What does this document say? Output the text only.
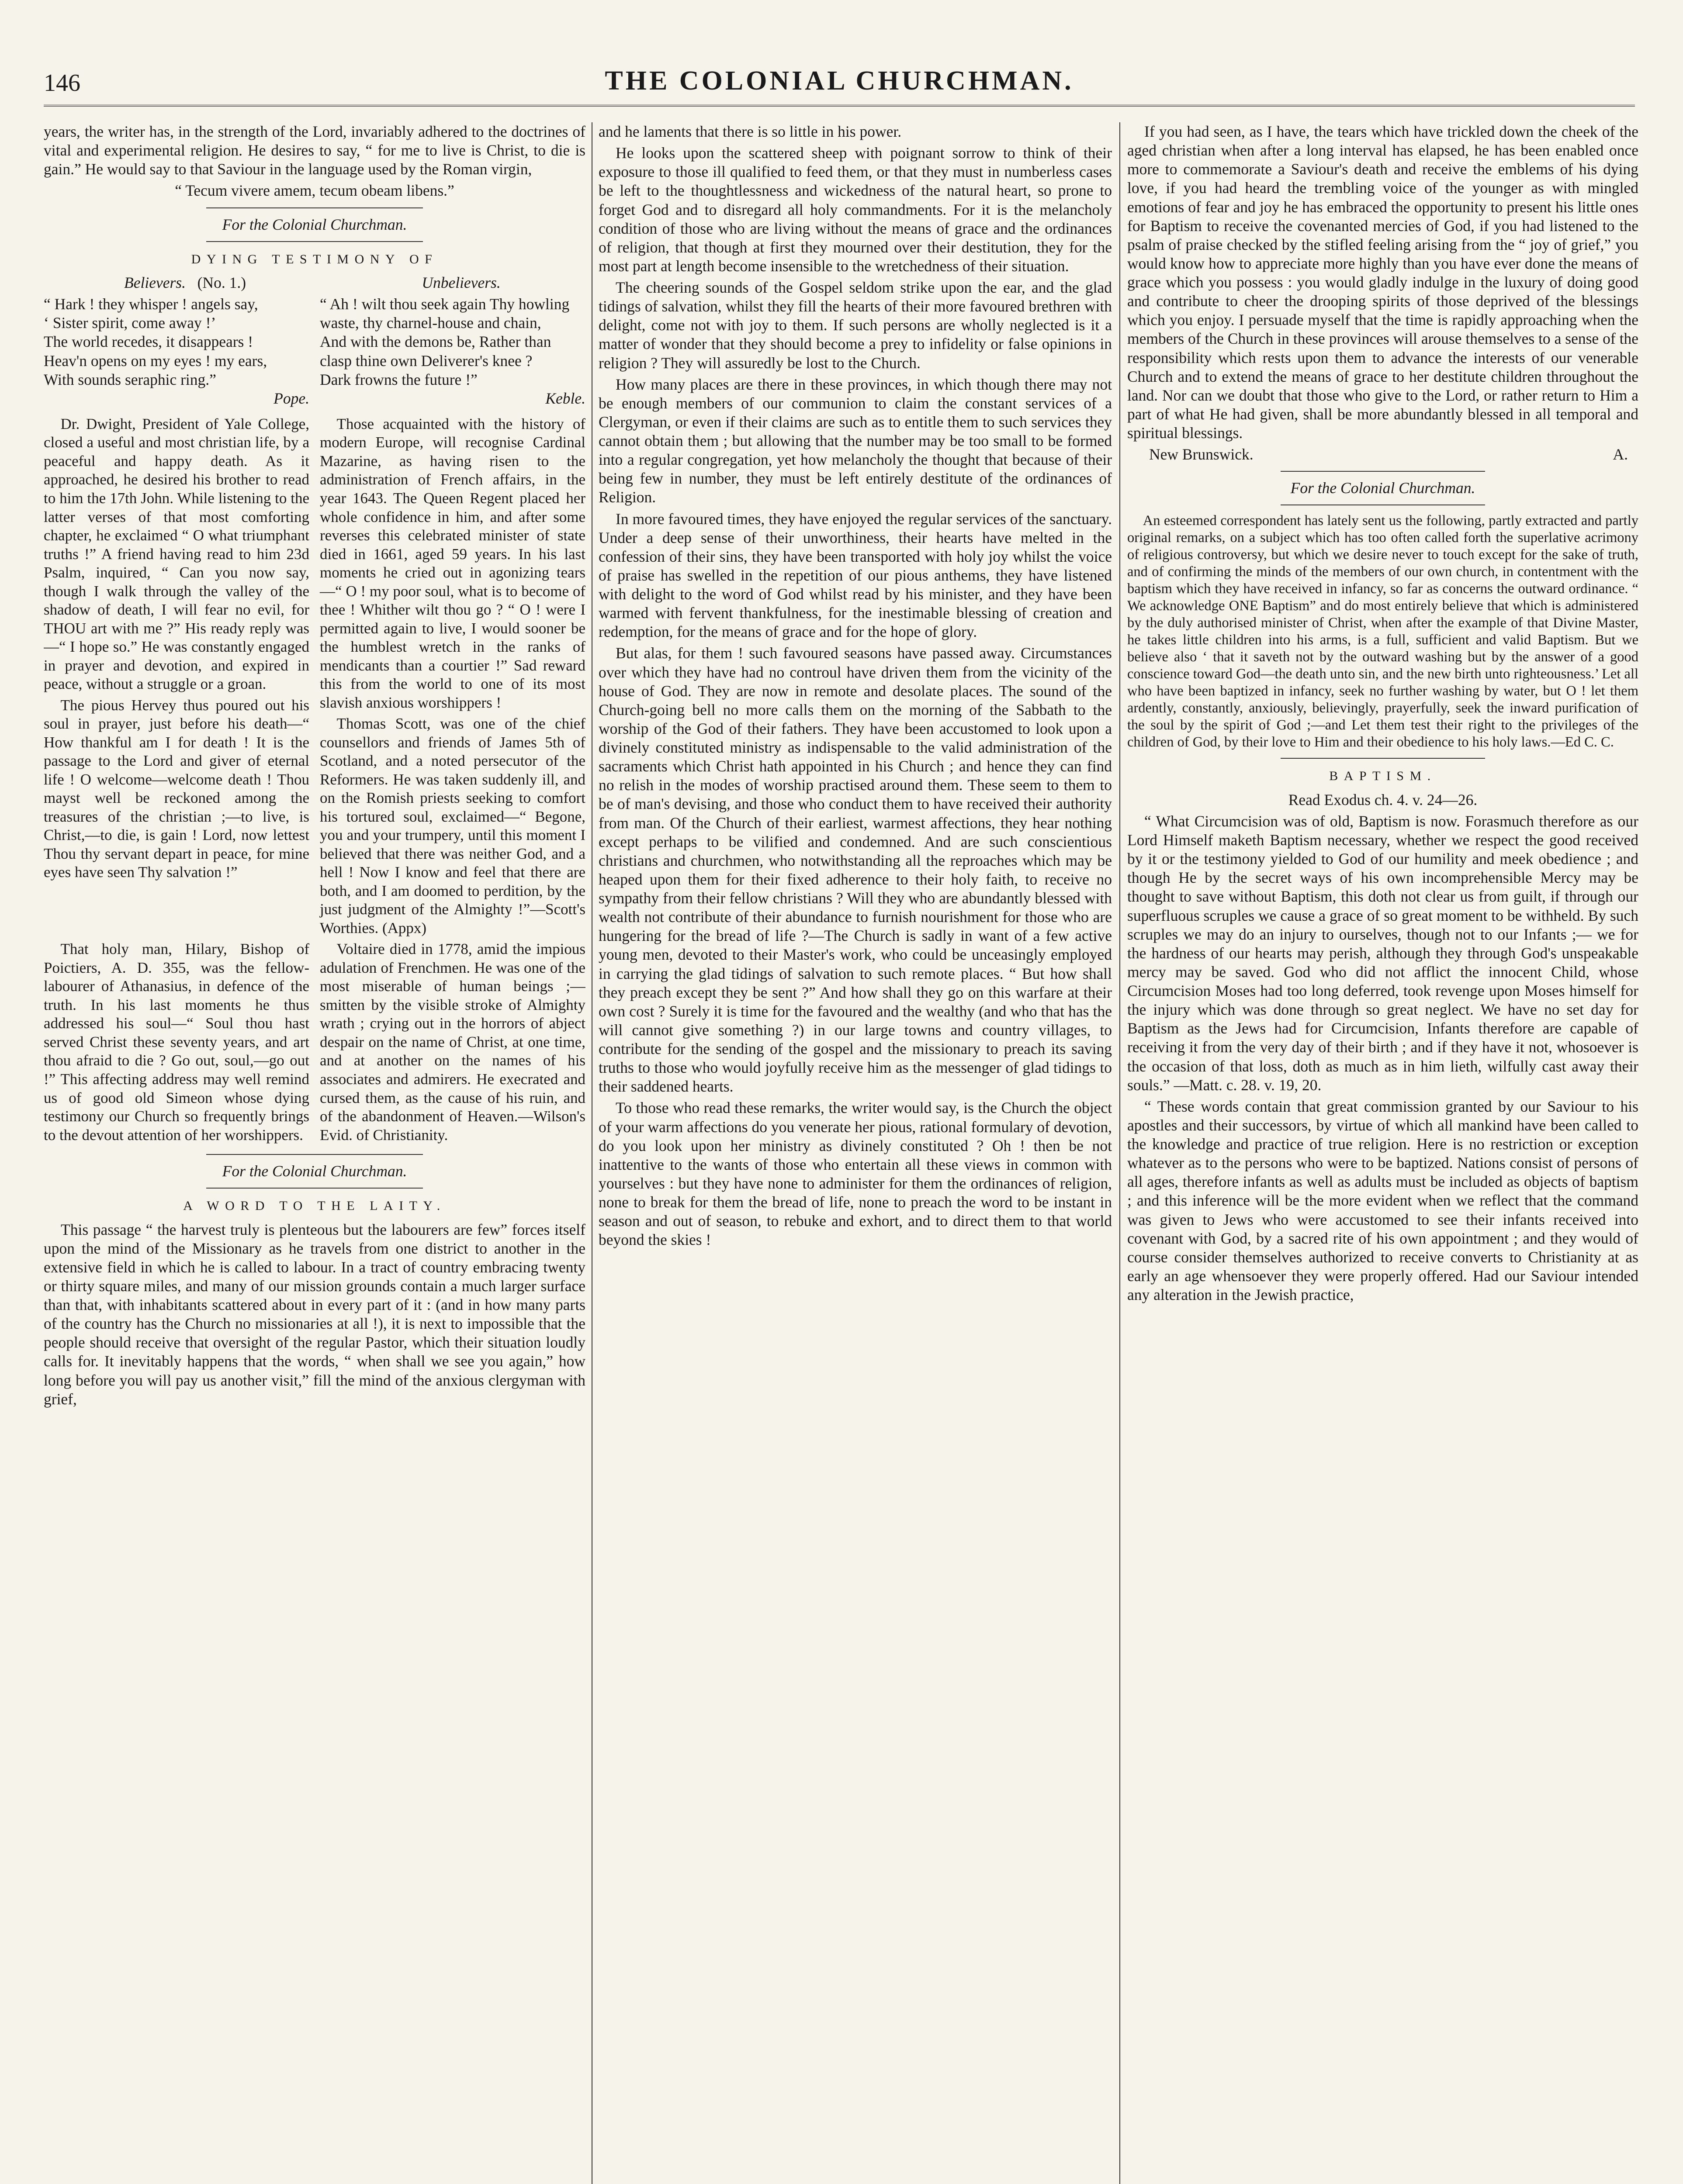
146	THE COLONIAL CHURCHMAN.

years, the writer has, in the strength of the Lord, invariably adhered to the doctrines of vital and experimental religion. He desires to say, “ for me to live is Christ, to die is gain.” He would say to that Saviour in the language used by the Roman virgin,

“ Tecum vivere amem, tecum obeam libens.”

For the Colonial Churchman.

DYING TESTIMONY OF

Believers. (No. 1.)

“ Hark ! they whisper ! angels say,

‘ Sister spirit, come away !’

The world recedes, it disappears !

Heav'n opens on my eyes ! my ears,

With sounds seraphic ring.”

Pope.

Unbelievers.

“ Ah ! wilt thou seek again Thy howling waste, thy charnel-house and chain,

And with the demons be, Rather than clasp thine own Deliverer's knee ?

Dark frowns the future !”

Keble.

Dr. Dwight, President of Yale College, closed a useful and most christian life, by a peaceful and happy death. As it approached, he desired his brother to read to him the 17th John. While listening to the latter verses of that most comforting chapter, he exclaimed “ O what triumphant truths !” A friend having read to him 23d Psalm, inquired, “ Can you now say, though I walk through the valley of the shadow of death, I will fear no evil, for THOU art with me ?” His ready reply was—“ I hope so.” He was constantly engaged in prayer and devotion, and expired in peace, without a struggle or a groan.

The pious Hervey thus poured out his soul in prayer, just before his death—“ How thankful am I for death ! It is the passage to the Lord and giver of eternal life ! O welcome—welcome death ! Thou mayst well be reckoned among the treasures of the christian ;—to live, is Christ,—to die, is gain ! Lord, now lettest Thou thy servant depart in peace, for mine eyes have seen Thy salvation !”

Those acquainted with the history of modern Europe, will recognise Cardinal Mazarine, as having risen to the administration of French affairs, in the year 1643. The Queen Regent placed her whole confidence in him, and after some reverses this celebrated minister of state died in 1661, aged 59 years. In his last moments he cried out in agonizing tears—“ O ! my poor soul, what is to become of thee ! Whither wilt thou go ? “ O ! were I permitted again to live, I would sooner be the humblest wretch in the ranks of mendicants than a courtier !” Sad reward this from the world to one of its most slavish anxious worshippers !

Thomas Scott, was one of the chief counsellors and friends of James 5th of Scotland, and a noted persecutor of the Reformers. He was taken suddenly ill, and on the Romish priests seeking to comfort his tortured soul, exclaimed—“ Begone, you and your trumpery, until this moment I believed that there was neither God, and a hell ! Now I know and feel that there are both, and I am doomed to perdition, by the just judgment of the Almighty !”—Scott's Worthies. (Appx)

That holy man, Hilary, Bishop of Poictiers, A. D. 355, was the fellow-labourer of Athanasius, in defence of the truth. In his last moments he thus addressed his soul—“ Soul thou hast served Christ these seventy years, and art thou afraid to die ? Go out, soul,—go out !” This affecting address may well remind us of good old Simeon whose dying testimony our Church so frequently brings to the devout attention of her worshippers.

Voltaire died in 1778, amid the impious adulation of Frenchmen. He was one of the most miserable of human beings ;—smitten by the visible stroke of Almighty wrath ; crying out in the horrors of abject despair on the name of Christ, at one time, and at another on the names of his associates and admirers. He execrated and cursed them, as the cause of his ruin, and of the abandonment of Heaven.—Wilson's Evid. of Christianity.

For the Colonial Churchman.

A WORD TO THE LAITY.

This passage “ the harvest truly is plenteous but the labourers are few” forces itself upon the mind of the Missionary as he travels from one district to another in the extensive field in which he is called to labour. In a tract of country embracing twenty or thirty square miles, and many of our mission grounds contain a much larger surface than that, with inhabitants scattered about in every part of it : (and in how many parts of the country has the Church no missionaries at all !), it is next to impossible that the people should receive that oversight of the regular Pastor, which their situation loudly calls for. It inevitably happens that the words, “ when shall we see you again,” how long before you will pay us another visit,” fill the mind of the anxious clergyman with grief,

and he laments that there is so little in his power.

He looks upon the scattered sheep with poignant sorrow to think of their exposure to those ill qualified to feed them, or that they must in numberless cases be left to the thoughtlessness and wickedness of the natural heart, so prone to forget God and to disregard all holy commandments. For it is the melancholy condition of those who are living without the means of grace and the ordinances of religion, that though at first they mourned over their destitution, they for the most part at length become insensible to the wretchedness of their situation.

The cheering sounds of the Gospel seldom strike upon the ear, and the glad tidings of salvation, whilst they fill the hearts of their more favoured brethren with delight, come not with joy to them. If such persons are wholly neglected is it a matter of wonder that they should become a prey to infidelity or false opinions in religion ? They will assuredly be lost to the Church.

How many places are there in these provinces, in which though there may not be enough members of our communion to claim the constant services of a Clergyman, or even if their claims are such as to entitle them to such services they cannot obtain them ; but allowing that the number may be too small to be formed into a regular congregation, yet how melancholy the thought that because of their being few in number, they must be left entirely destitute of the ordinances of Religion.

In more favoured times, they have enjoyed the regular services of the sanctuary. Under a deep sense of their unworthiness, their hearts have melted in the confession of their sins, they have been transported with holy joy whilst the voice of praise has swelled in the repetition of our pious anthems, they have listened with delight to the word of God whilst read by his minister, and they have been warmed with fervent thankfulness, for the inestimable blessing of creation and redemption, for the means of grace and for the hope of glory.

But alas, for them ! such favoured seasons have passed away. Circumstances over which they have had no controul have driven them from the vicinity of the house of God. They are now in remote and desolate places. The sound of the Church-going bell no more calls them on the morning of the Sabbath to the worship of the God of their fathers. They have been accustomed to look upon a divinely constituted ministry as indispensable to the valid administration of the sacraments which Christ hath appointed in his Church ; and hence they can find no relish in the modes of worship practised around them. These seem to them to be of man's devising, and those who conduct them to have received their authority from man. Of the Church of their earliest, warmest affections, they hear nothing except perhaps to be vilified and condemned. And are such conscientious christians and churchmen, who notwithstanding all the reproaches which may be heaped upon them for their fixed adherence to their holy faith, to receive no sympathy from their fellow christians ? Will they who are abundantly blessed with wealth not contribute of their abundance to furnish nourishment for those who are hungering for the bread of life ?—The Church is sadly in want of a few active young men, devoted to their Master's work, who could be unceasingly employed in carrying the glad tidings of salvation to such remote places. “ But how shall they preach except they be sent ?” And how shall they go on this warfare at their own cost ? Surely it is time for the favoured and the wealthy (and who that has the will cannot give something ?) in our large towns and country villages, to contribute for the sending of the gospel and the missionary to preach its saving truths to those who would joyfully receive him as the messenger of glad tidings to their saddened hearts.

To those who read these remarks, the writer would say, is the Church the object of your warm affections do you venerate her pious, rational formulary of devotion, do you look upon her ministry as divinely constituted ? Oh ! then be not inattentive to the wants of those who entertain all these views in common with yourselves : but they have none to administer for them the ordinances of religion, none to break for them the bread of life, none to preach the word to be instant in season and out of season, to rebuke and exhort, and to direct them to that world beyond the skies !

If you had seen, as I have, the tears which have trickled down the cheek of the aged christian when after a long interval has elapsed, he has been enabled once more to commemorate a Saviour's death and receive the emblems of his dying love, if you had heard the trembling voice of the younger as with mingled emotions of fear and joy he has embraced the opportunity to present his little ones for Baptism to receive the covenanted mercies of God, if you had listened to the psalm of praise checked by the stifled feeling arising from the “ joy of grief,” you would know how to appreciate more highly than you have ever done the means of grace which you possess : you would gladly indulge in the luxury of doing good and contribute to cheer the drooping spirits of those deprived of the blessings which you enjoy. I persuade myself that the time is rapidly approaching when the members of the Church in these provinces will arouse themselves to a sense of the responsibility which rests upon them to advance the interests of our venerable Church and to extend the means of grace to her destitute children throughout the land. Nor can we doubt that those who give to the Lord, or rather return to Him a part of what He had given, shall be more abundantly blessed in all temporal and spiritual blessings.

New Brunswick.	A.

For the Colonial Churchman.

An esteemed correspondent has lately sent us the following, partly extracted and partly original remarks, on a subject which has too often called forth the superlative acrimony of religious controversy, but which we desire never to touch except for the sake of truth, and of confirming the minds of the members of our own church, in contentment with the baptism which they have received in infancy, so far as concerns the outward ordinance. “ We acknowledge ONE Baptism” and do most entirely believe that which is administered by the duly authorised minister of Christ, when after the example of that Divine Master, he takes little children into his arms, is a full, sufficient and valid Baptism. But we believe also ‘ that it saveth not by the outward washing but by the answer of a good conscience toward God—the death unto sin, and the new birth unto righteousness.’ Let all who have been baptized in infancy, seek no further washing by water, but O ! let them ardently, constantly, anxiously, believingly, prayerfully, seek the inward purification of the soul by the spirit of God ;—and Let them test their right to the privileges of the children of God, by their love to Him and their obedience to his holy laws.—Ed C. C.

BAPTISM.

Read Exodus ch. 4. v. 24—26.

“ What Circumcision was of old, Baptism is now. Forasmuch therefore as our Lord Himself maketh Baptism necessary, whether we respect the good received by it or the testimony yielded to God of our humility and meek obedience ; and though He by the secret ways of his own incomprehensible Mercy may be thought to save without Baptism, this doth not clear us from guilt, if through our superfluous scruples we cause a grace of so great moment to be withheld. By such scruples we may do an injury to ourselves, though not to our Infants ;— we for the hardness of our hearts may perish, although they through God's unspeakable mercy may be saved. God who did not afflict the innocent Child, whose Circumcision Moses had too long deferred, took revenge upon Moses himself for the injury which was done through so great neglect. We have no set day for Baptism as the Jews had for Circumcision, Infants therefore are capable of receiving it from the very day of their birth ; and if they have it not, whosoever is the occasion of that loss, doth as much as in him lieth, wilfully cast away their souls.” —Matt. c. 28. v. 19, 20.

“ These words contain that great commission granted by our Saviour to his apostles and their successors, by virtue of which all mankind have been called to the knowledge and practice of true religion. Here is no restriction or exception whatever as to the persons who were to be baptized. Nations consist of persons of all ages, therefore infants as well as adults must be included as objects of baptism ; and this inference will be the more evident when we reflect that the command was given to Jews who were accustomed to see their infants received into covenant with God, by a sacred rite of his own appointment ; and they would of course consider themselves authorized to receive converts to Christianity at as early an age whensoever they were properly offered. Had our Saviour intended any alteration in the Jewish practice,
